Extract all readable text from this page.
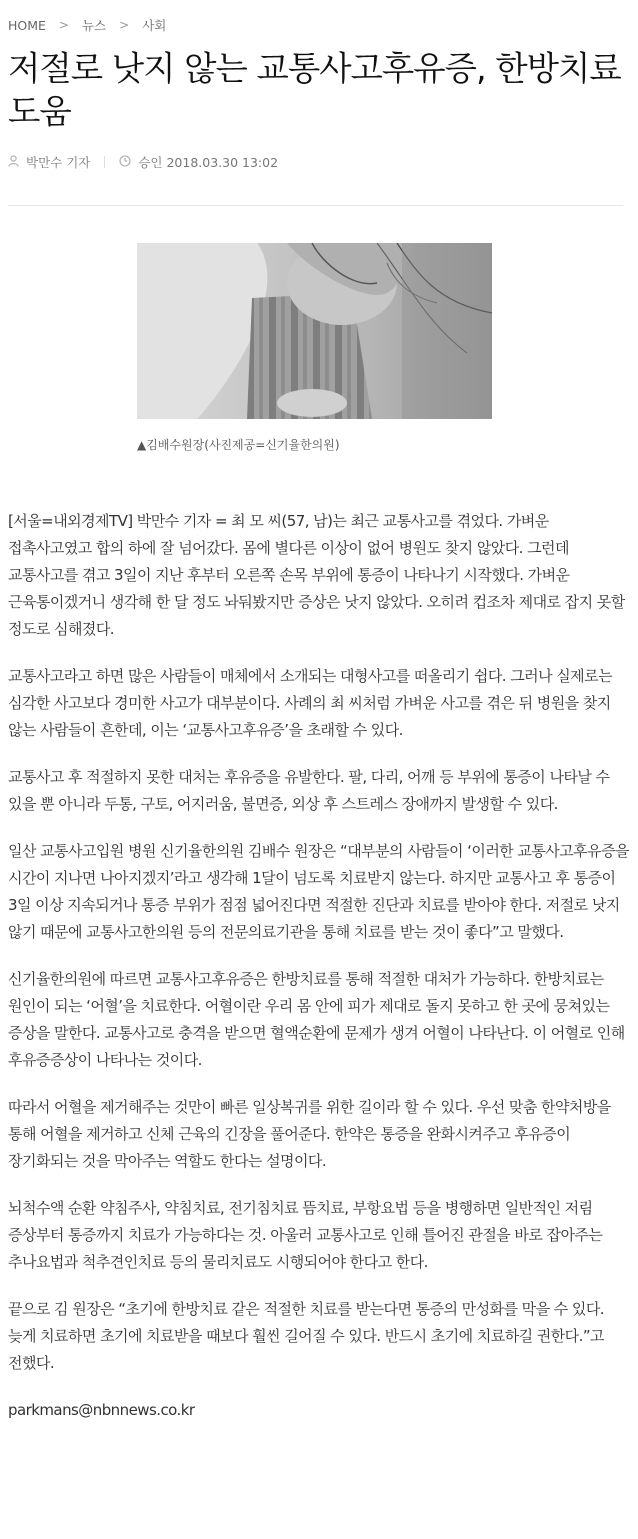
HOME > 뉴스 > 사회
저절로 낫지 않는 교통사고후유증, 한방치료 도움
박만수 기자	승인 2018.03.30 13:02
▲김배수원장(사진제공=신기율한의원)

[서울=내외경제TV] 박만수 기자 = 최 모 씨(57, 남)는 최근 교통사고를 겪었다. 가벼운 접촉사고였고 합의 하에 잘 넘어갔다. 몸에 별다른 이상이 없어 병원도 찾지 않았다. 그런데 교통사고를 겪고 3일이 지난 후부터 오른쪽 손목 부위에 통증이 나타나기 시작했다. 가벼운 근육통이겠거니 생각해 한 달 정도 놔둬봤지만 증상은 낫지 않았다. 오히려 컵조차 제대로 잡지 못할 정도로 심해졌다.

교통사고라고 하면 많은 사람들이 매체에서 소개되는 대형사고를 떠올리기 쉽다. 그러나 실제로는 심각한 사고보다 경미한 사고가 대부분이다. 사례의 최 씨처럼 가벼운 사고를 겪은 뒤 병원을 찾지 않는 사람들이 흔한데, 이는 ‘교통사고후유증’을 초래할 수 있다.

교통사고 후 적절하지 못한 대처는 후유증을 유발한다. 팔, 다리, 어깨 등 부위에 통증이 나타날 수 있을 뿐 아니라 두통, 구토, 어지러움, 불면증, 외상 후 스트레스 장애까지 발생할 수 있다.

일산 교통사고입원 병원 신기율한의원 김배수 원장은 “대부분의 사람들이 ‘이러한 교통사고후유증을 시간이 지나면 나아지겠지’라고 생각해 1달이 넘도록 치료받지 않는다. 하지만 교통사고 후 통증이 3일 이상 지속되거나 통증 부위가 점점 넓어진다면 적절한 진단과 치료를 받아야 한다. 저절로 낫지 않기 때문에 교통사고한의원 등의 전문의료기관을 통해 치료를 받는 것이 좋다”고 말했다.

신기율한의원에 따르면 교통사고후유증은 한방치료를 통해 적절한 대처가 가능하다. 한방치료는 원인이 되는 ‘어혈’을 치료한다. 어혈이란 우리 몸 안에 피가 제대로 돌지 못하고 한 곳에 뭉쳐있는 증상을 말한다. 교통사고로 충격을 받으면 혈액순환에 문제가 생겨 어혈이 나타난다. 이 어혈로 인해 후유증증상이 나타나는 것이다.

따라서 어혈을 제거해주는 것만이 빠른 일상복귀를 위한 길이라 할 수 있다. 우선 맞춤 한약처방을 통해 어혈을 제거하고 신체 근육의 긴장을 풀어준다. 한약은 통증을 완화시켜주고 후유증이 장기화되는 것을 막아주는 역할도 한다는 설명이다.

뇌척수액 순환 약침주사, 약침치료, 전기침치료 뜸치료, 부항요법 등을 병행하면 일반적인 저림 증상부터 통증까지 치료가 가능하다는 것. 아울러 교통사고로 인해 틀어진 관절을 바로 잡아주는 추나요법과 척추견인치료 등의 물리치료도 시행되어야 한다고 한다.

끝으로 김 원장은 “초기에 한방치료 같은 적절한 치료를 받는다면 통증의 만성화를 막을 수 있다. 늦게 치료하면 초기에 치료받을 때보다 훨씬 길어질 수 있다. 반드시 초기에 치료하길 권한다.”고 전했다.

parkmans@nbnnews.co.kr
